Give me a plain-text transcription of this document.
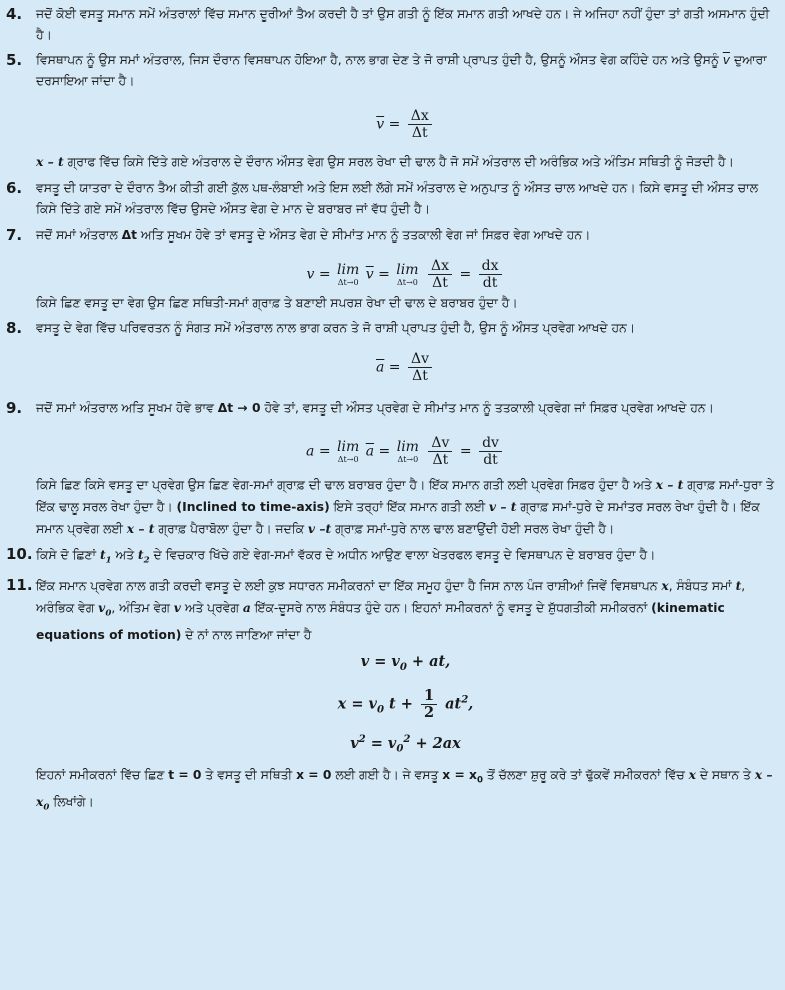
4.	ਜਦੋਂ ਕੋਈ ਵਸਤੂ ਸਮਾਨ ਸਮੇਂ ਅੰਤਰਾਲਾਂ ਵਿੱਚ ਸਮਾਨ ਦੂਰੀਆਂ ਤੈਅ ਕਰਦੀ ਹੈ ਤਾਂ ਉਸ ਗਤੀ ਨੂੰ ਇੱਕ ਸਮਾਨ ਗਤੀ ਆਖਦੇ ਹਨ। ਜੇ ਅਜਿਹਾ ਨਹੀਂ ਹੁੰਦਾ ਤਾਂ ਗਤੀ ਅਸਮਾਨ ਹੁੰਦੀ ਹੈ।

5.	ਵਿਸਥਾਪਨ ਨੂੰ ਉਸ ਸਮਾਂ ਅੰਤਰਾਲ, ਜਿਸ ਦੌਰਾਨ ਵਿਸਥਾਪਨ ਹੋਇਆ ਹੈ, ਨਾਲ ਭਾਗ ਦੇਣ ਤੇ ਜੋ ਰਾਸ਼ੀ ਪ੍ਰਾਪਤ ਹੁੰਦੀ ਹੈ, ਉਸਨੂੰ ਔਸਤ ਵੇਗ ਕਹਿੰਦੇ ਹਨ ਅਤੇ ਉਸਨੂੰ $\overline{v}$ ਦੁਆਰਾ ਦਰਸਾਇਆ ਜਾਂਦਾ ਹੈ।

$\overline{v} = \frac{\Delta x}{\Delta t}$

x – t ਗ੍ਰਾਫ ਵਿੱਚ ਕਿਸੇ ਦਿੱਤੇ ਗਏ ਅੰਤਰਾਲ ਦੇ ਦੌਰਾਨ ਔਸਤ ਵੇਗ ਉਸ ਸਰਲ ਰੇਖਾ ਦੀ ਢਾਲ ਹੈ ਜੋ ਸਮੇਂ ਅੰਤਰਾਲ ਦੀ ਅਰੰਭਿਕ ਅਤੇ ਅੰਤਿਮ ਸਥਿਤੀ ਨੂੰ ਜੋੜਦੀ ਹੈ।

6.	ਵਸਤੂ ਦੀ ਯਾਤਰਾ ਦੇ ਦੌਰਾਨ ਤੈਅ ਕੀਤੀ ਗਈ ਕੁੱਲ ਪਥ-ਲੰਬਾਈ ਅਤੇ ਇਸ ਲਈ ਲੱਗੇ ਸਮੇਂ ਅੰਤਰਾਲ ਦੇ ਅਨੁਪਾਤ ਨੂੰ ਔਸਤ ਚਾਲ ਆਖਦੇ ਹਨ। ਕਿਸੇ ਵਸਤੂ ਦੀ ਔਸਤ ਚਾਲ ਕਿਸੇ ਦਿੱਤੇ ਗਏ ਸਮੇਂ ਅੰਤਰਾਲ ਵਿੱਚ ਉਸਦੇ ਔਸਤ ਵੇਗ ਦੇ ਮਾਨ ਦੇ ਬਰਾਬਰ ਜਾਂ ਵੱਧ ਹੁੰਦੀ ਹੈ।

7.	ਜਦੋਂ ਸਮਾਂ ਅੰਤਰਾਲ Δt ਅਤਿ ਸੂਖਮ ਹੋਵੇ ਤਾਂ ਵਸਤੂ ਦੇ ਔਸਤ ਵੇਗ ਦੇ ਸੀਮਾਂਤ ਮਾਨ ਨੂੰ ਤਤਕਾਲੀ ਵੇਗ ਜਾਂ ਸਿਫ਼ਰ ਵੇਗ ਆਖਦੇ ਹਨ।

v = lim
Δt→0 $\overline{v} = \lim$
Δt→0
$\frac{\Delta x}{\Delta t} = \frac{dx}{dt}$

ਕਿਸੇ ਛਿਣ ਵਸਤੂ ਦਾ ਵੇਗ ਉਸ ਛਿਣ ਸਥਿਤੀ-ਸਮਾਂ ਗ੍ਰਾਫ਼ ਤੇ ਬਣਾਈ ਸਪਰਸ਼ ਰੇਖਾ ਦੀ ਢਾਲ ਦੇ ਬਰਾਬਰ ਹੁੰਦਾ ਹੈ।

8.	ਵਸਤੂ ਦੇ ਵੇਗ ਵਿੱਚ ਪਰਿਵਰਤਨ ਨੂੰ ਸੰਗਤ ਸਮੇਂ ਅੰਤਰਾਲ ਨਾਲ ਭਾਗ ਕਰਨ ਤੇ ਜੋ ਰਾਸ਼ੀ ਪ੍ਰਾਪਤ ਹੁੰਦੀ ਹੈ, ਉਸ ਨੂੰ ਔਸਤ ਪ੍ਰਵੇਗ ਆਖਦੇ ਹਨ।

$\overline{a} = \frac{\Delta v}{\Delta t}$

9.	ਜਦੋਂ ਸਮਾਂ ਅੰਤਰਾਲ ਅਤਿ ਸੂਖਮ ਹੋਵੇ ਭਾਵ Δt → 0 ਹੋਵੇ ਤਾਂ, ਵਸਤੂ ਦੀ ਔਸਤ ਪ੍ਰਵੇਗ ਦੇ ਸੀਮਾਂਤ ਮਾਨ ਨੂੰ ਤਤਕਾਲੀ ਪ੍ਰਵੇਗ ਜਾਂ ਸਿਫ਼ਰ ਪ੍ਰਵੇਗ ਆਖਦੇ ਹਨ।

a = lim
Δt→0 $\overline{a} = \lim$
Δt→0
$\frac{\Delta v}{\Delta t} = \frac{dv}{dt}$

ਕਿਸੇ ਛਿਣ ਕਿਸੇ ਵਸਤੂ ਦਾ ਪ੍ਰਵੇਗ ਉਸ ਛਿਣ ਵੇਗ-ਸਮਾਂ ਗ੍ਰਾਫ਼ ਦੀ ਢਾਲ ਬਰਾਬਰ ਹੁੰਦਾ ਹੈ। ਇੱਕ ਸਮਾਨ ਗਤੀ ਲਈ ਪ੍ਰਵੇਗ ਸਿਫ਼ਰ ਹੁੰਦਾ ਹੈ ਅਤੇ x – t ਗ੍ਰਾਫ਼ ਸਮਾਂ-ਧੁਰਾ ਤੇ ਇੱਕ ਢਾਲੂ ਸਰਲ ਰੇਖਾ ਹੁੰਦਾ ਹੈ। (Inclined to time-axis) ਇਸੇ ਤਰ੍ਹਾਂ ਇੱਕ ਸਮਾਨ ਗਤੀ ਲਈ v – t ਗ੍ਰਾਫ਼ ਸਮਾਂ-ਧੁਰੇ ਦੇ ਸਮਾਂਤਰ ਸਰਲ ਰੇਖਾ ਹੁੰਦੀ ਹੈ। ਇੱਕ ਸਮਾਨ ਪ੍ਰਵੇਗ ਲਈ x – t ਗ੍ਰਾਫ਼ ਪੈਰਾਬੋਲਾ ਹੁੰਦਾ ਹੈ। ਜਦਕਿ v –t ਗ੍ਰਾਫ਼ ਸਮਾਂ-ਧੁਰੇ ਨਾਲ ਢਾਲ ਬਣਾਉਂਦੀ ਹੋਈ ਸਰਲ ਰੇਖਾ ਹੁੰਦੀ ਹੈ।

10. ਕਿਸੇ ਦੋ ਛਿਣਾਂ $t_1$ ਅਤੇ $t_2$ ਦੇ ਵਿਚਕਾਰ ਖਿੱਚੇ ਗਏ ਵੇਗ-ਸਮਾਂ ਵੱਕਰ ਦੇ ਅਧੀਨ ਆਉਣ ਵਾਲਾ ਖੇਤਰਫਲ ਵਸਤੂ ਦੇ ਵਿਸਥਾਪਨ ਦੇ ਬਰਾਬਰ ਹੁੰਦਾ ਹੈ।

11. ਇੱਕ ਸਮਾਨ ਪ੍ਰਵੇਗ ਨਾਲ ਗਤੀ ਕਰਦੀ ਵਸਤੂ ਦੇ ਲਈ ਕੁਝ ਸਧਾਰਨ ਸਮੀਕਰਨਾਂ ਦਾ ਇੱਕ ਸਮੂਹ ਹੁੰਦਾ ਹੈ ਜਿਸ ਨਾਲ ਪੰਜ ਰਾਸ਼ੀਆਂ ਜਿਵੇਂ ਵਿਸਥਾਪਨ x, ਸੰਬੰਧਤ ਸਮਾਂ t, ਅਰੰਭਿਕ ਵੇਗ $v_0$, ਅੰਤਿਮ ਵੇਗ v ਅਤੇ ਪ੍ਰਵੇਗ a ਇੱਕ-ਦੂਸਰੇ ਨਾਲ ਸੰਬੰਧਤ ਹੁੰਦੇ ਹਨ। ਇਹਨਾਂ ਸਮੀਕਰਨਾਂ ਨੂੰ ਵਸਤੂ ਦੇ ਸ਼ੁੱਧਗਤੀਕੀ ਸਮੀਕਰਨਾਂ (kinematic equations of motion) ਦੇ ਨਾਂ ਨਾਲ ਜਾਣਿਆ ਜਾਂਦਾ ਹੈ

$v = v_0$ + at,

$x = v_0$ $t + \frac{1}{2} at^2$,

$v^2 = v_0^2 + 2ax$

ਇਹਨਾਂ ਸਮੀਕਰਨਾਂ ਵਿੱਚ ਛਿਣ t = 0 ਤੇ ਵਸਤੂ ਦੀ ਸਥਿਤੀ x = 0 ਲਈ ਗਈ ਹੈ। ਜੇ ਵਸਤੂ $x = x_0$ ਤੋਂ ਚੱਲਣਾ ਸ਼ੁਰੂ ਕਰੇ ਤਾਂ ਢੁੱਕਵੇਂ ਸਮੀਕਰਨਾਂ ਵਿੱਚ x ਦੇ ਸਥਾਨ ਤੇ x – $x_0$ ਲਿਖਾਂਗੇ।
